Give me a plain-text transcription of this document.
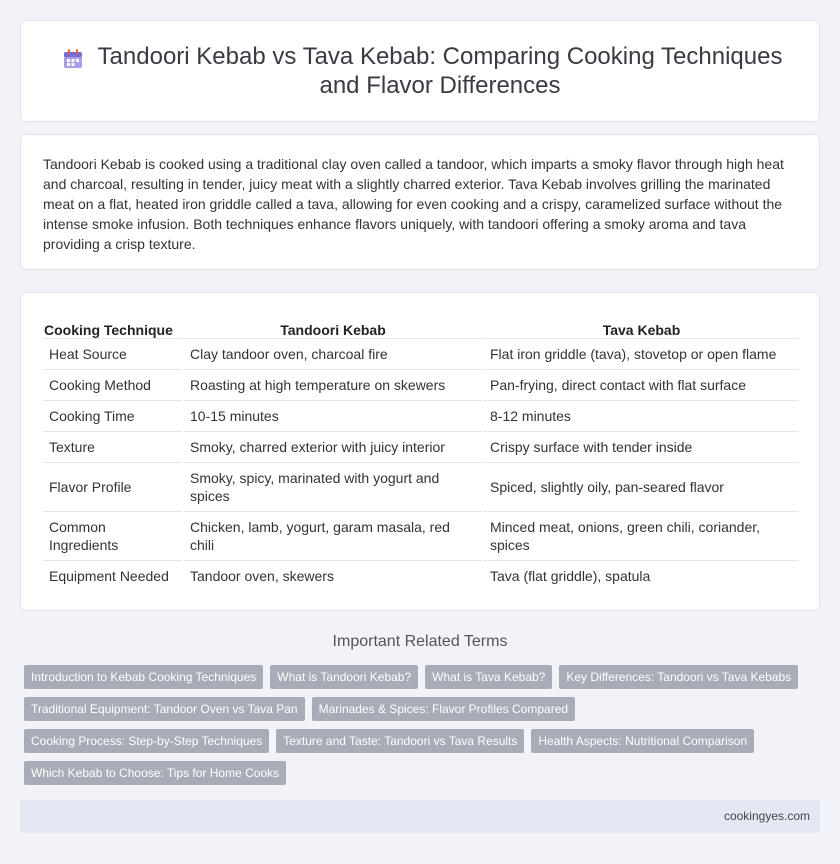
Tandoori Kebab vs Tava Kebab: Comparing Cooking Techniques and Flavor Differences

Tandoori Kebab is cooked using a traditional clay oven called a tandoor, which imparts a smoky flavor through high heat and charcoal, resulting in tender, juicy meat with a slightly charred exterior. Tava Kebab involves grilling the marinated meat on a flat, heated iron griddle called a tava, allowing for even cooking and a crispy, caramelized surface without the intense smoke infusion. Both techniques enhance flavors uniquely, with tandoori offering a smoky aroma and tava providing a crisp texture.

Cooking Technique	Tandoori Kebab	Tava Kebab
Heat Source	Clay tandoor oven, charcoal fire	Flat iron griddle (tava), stovetop or open flame
Cooking Method	Roasting at high temperature on skewers	Pan-frying, direct contact with flat surface
Cooking Time	10-15 minutes	8-12 minutes
Texture	Smoky, charred exterior with juicy interior	Crispy surface with tender inside
Flavor Profile	Smoky, spicy, marinated with yogurt and spices	Spiced, slightly oily, pan-seared flavor
Common Ingredients	Chicken, lamb, yogurt, garam masala, red chili	Minced meat, onions, green chili, coriander, spices
Equipment Needed	Tandoor oven, skewers	Tava (flat griddle), spatula
Important Related Terms
Introduction to Kebab Cooking Techniques	What is Tandoori Kebab?	What is Tava Kebab?	Key Differences: Tandoori vs Tava Kebabs
Traditional Equipment: Tandoor Oven vs Tava Pan	Marinades & Spices: Flavor Profiles Compared
Cooking Process: Step-by-Step Techniques	Texture and Taste: Tandoori vs Tava Results	Health Aspects: Nutritional Comparison
Which Kebab to Choose: Tips for Home Cooks
cookingyes.com
